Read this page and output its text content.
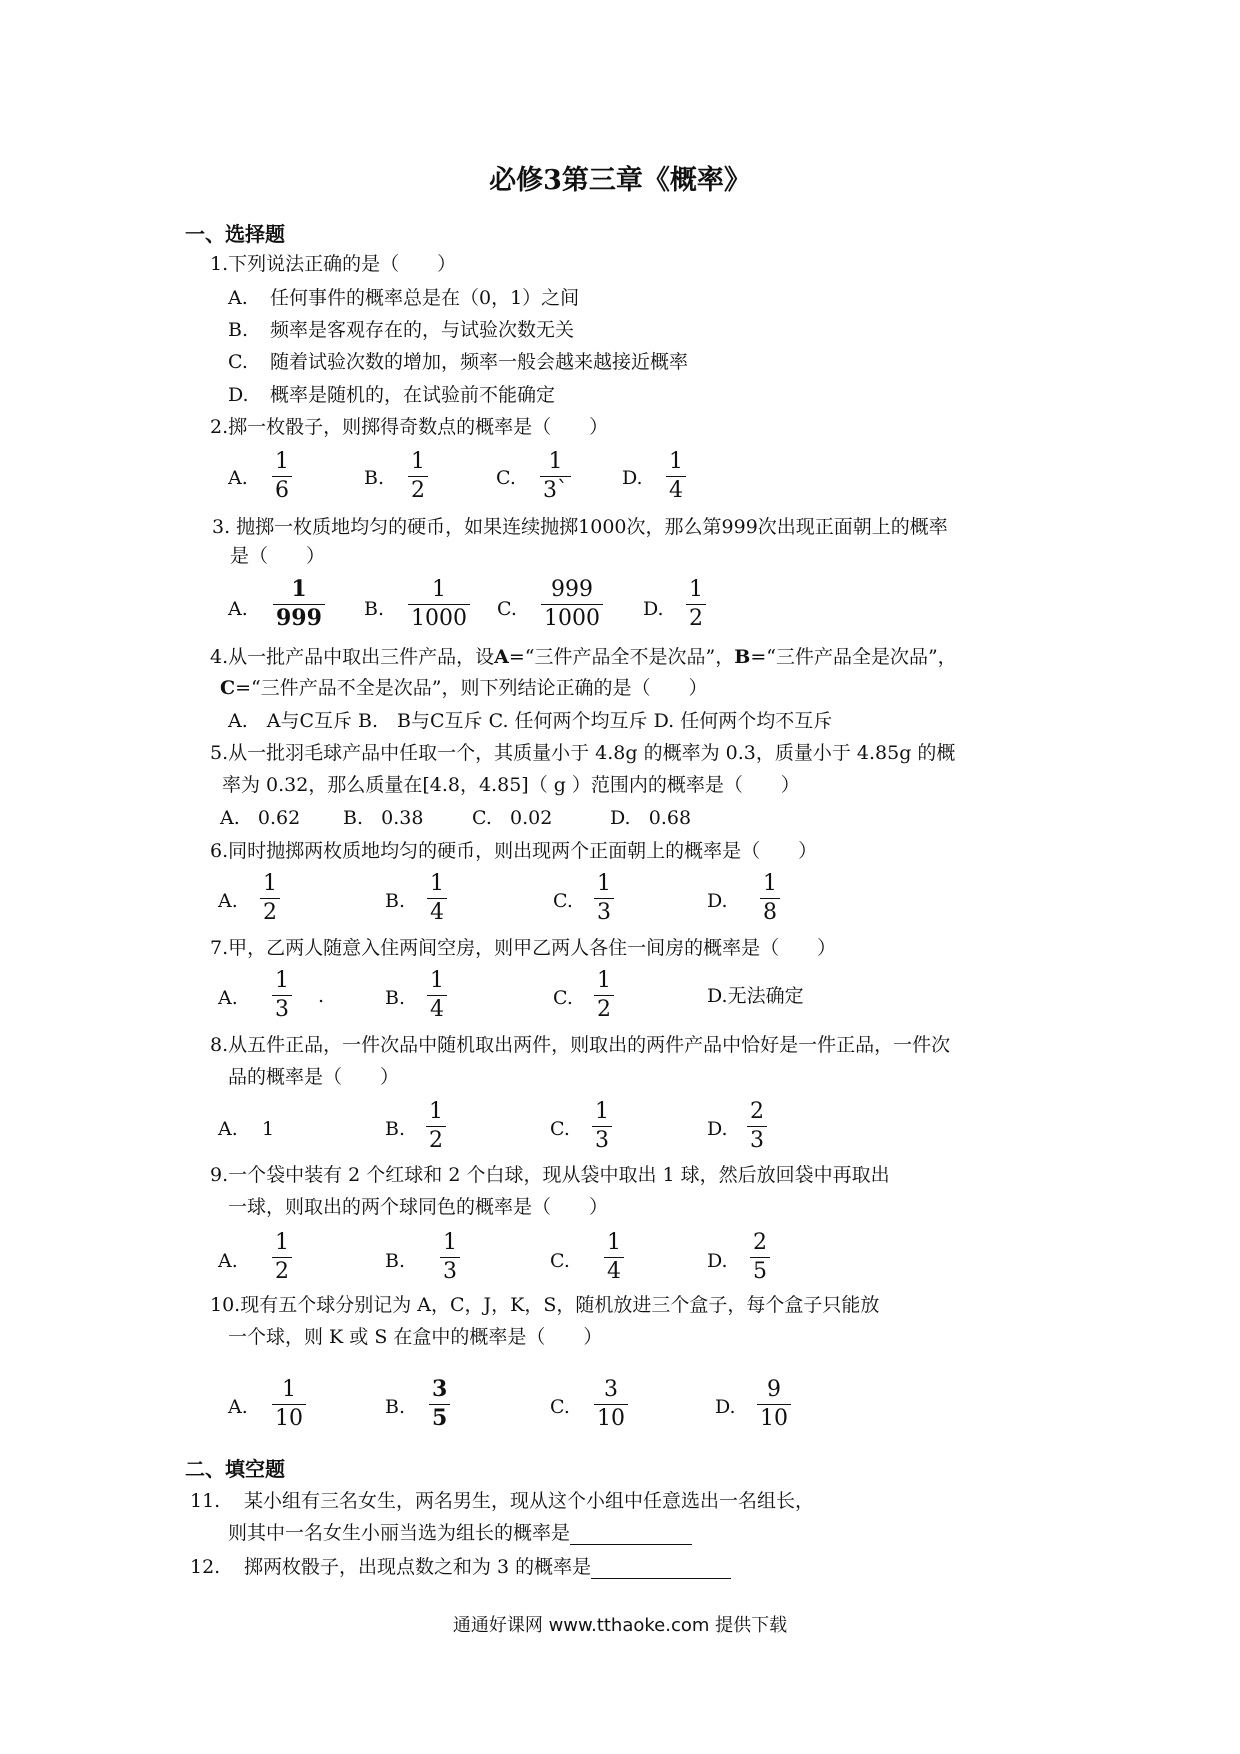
必修3第三章《概率》
一、选择题
1.下列说法正确的是（　　）
A. 任何事件的概率总是在（0，1）之间
B. 频率是客观存在的，与试验次数无关
C. 随着试验次数的增加，频率一般会越来越接近概率
D. 概率是随机的，在试验前不能确定
2.掷一枚骰子，则掷得奇数点的概率是（　　）
A.
1
6
B.
1
2
C.
1
3`
D.
1
4
3. 抛掷一枚质地均匀的硬币，如果连续抛掷1000次，那么第999次出现正面朝上的概率
是（　　）
A.
1
999 B.
1
1000 C.
999
1000 D.
1
2
4.从一批产品中取出三件产品，设A=“三件产品全不是次品”，B=“三件产品全是次品”，
C=“三件产品不全是次品”，则下列结论正确的是（　　）
A.　A与C互斥 B.　B与C互斥 C. 任何两个均互斥 D. 任何两个均不互斥
5.从一批羽毛球产品中任取一个，其质量小于 4.8g 的概率为 0.3，质量小于 4.85g 的概
率为 0.32，那么质量在[4.8，4.85]（ g ）范围内的概率是（　　）
A. 0.62 B. 0.38	C. 0.02	D. 0.68
6.同时抛掷两枚质地均匀的硬币，则出现两个正面朝上的概率是（　　）
A.
1
2	B.
1
4	C.
1
3	D.
1
8
7.甲，乙两人随意入住两间空房，则甲乙两人各住一间房的概率是（　　）
A.
1
3
.	B.
1
4	C.
1
2
D.无法确定
8.从五件正品，一件次品中随机取出两件，则取出的两件产品中恰好是一件正品，一件次
品的概率是（　　）
A. 1	B.
1
2	C.
1
3	D.
2
3
9.一个袋中装有 2 个红球和 2 个白球，现从袋中取出 1 球，然后放回袋中再取出
一球，则取出的两个球同色的概率是（　　）
A.
1
2	B.
1
3	C.
1
4	D.
2
5
10.现有五个球分别记为 A，C，J，K，S，随机放进三个盒子，每个盒子只能放
一个球，则 K 或 S 在盒中的概率是（　　）
A.
1
10	B.
3
5	C.
3
10	D.
9
10
二、填空题
11. 某小组有三名女生，两名男生，现从这个小组中任意选出一名组长，
则其中一名女生小丽当选为组长的概率是
12. 掷两枚骰子，出现点数之和为 3 的概率是
通通好课网 www.tthaoke.com 提供下载
